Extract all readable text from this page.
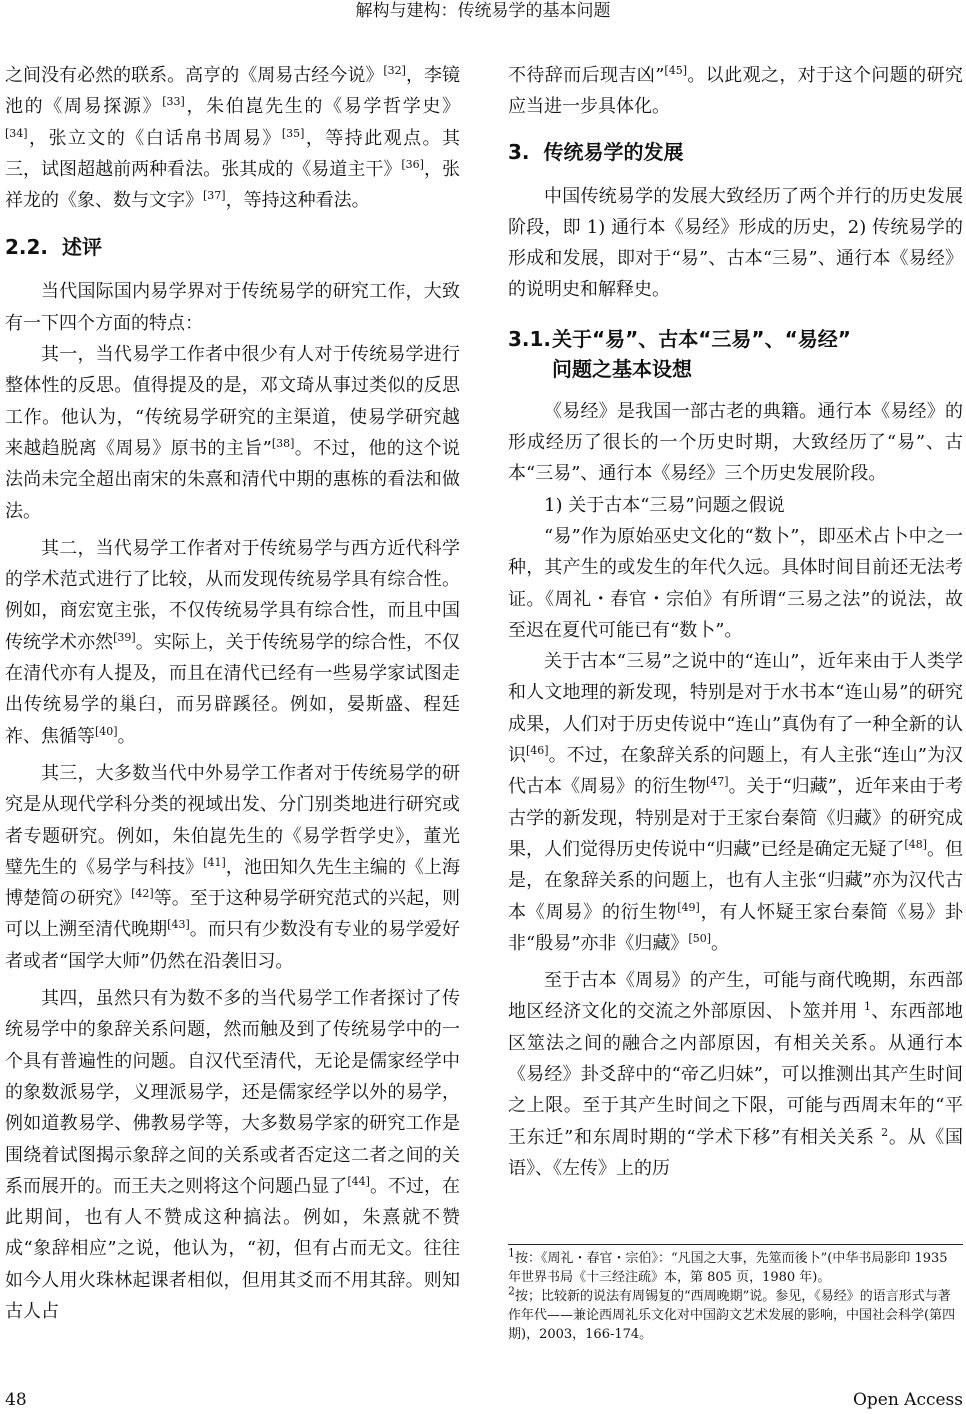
解构与建构：传统易学的基本问题

之间没有必然的联系。高亨的《周易古经今说》[32]，李镜池的《周易探源》[33]，朱伯崑先生的《易学哲学史》[34]，张立文的《白话帛书周易》[35]，等持此观点。其三，试图超越前两种看法。张其成的《易道主干》[36]，张祥龙的《象、数与文字》[37]，等持这种看法。

2.2. 述评

当代国际国内易学界对于传统易学的研究工作，大致有一下四个方面的特点：

其一，当代易学工作者中很少有人对于传统易学进行整体性的反思。值得提及的是，邓文琦从事过类似的反思工作。他认为，“传统易学研究的主渠道，使易学研究越来越趋脱离《周易》原书的主旨”[38]。不过，他的这个说法尚未完全超出南宋的朱熹和清代中期的惠栋的看法和做法。

其二，当代易学工作者对于传统易学与西方近代科学的学术范式进行了比较，从而发现传统易学具有综合性。例如，商宏宽主张，不仅传统易学具有综合性，而且中国传统学术亦然[39]。实际上，关于传统易学的综合性，不仅在清代亦有人提及，而且在清代已经有一些易学家试图走出传统易学的巢臼，而另辟蹊径。例如，晏斯盛、程廷祚、焦循等[40]。

其三，大多数当代中外易学工作者对于传统易学的研究是从现代学科分类的视域出发、分门别类地进行研究或者专题研究。例如，朱伯崑先生的《易学哲学史》，董光璧先生的《易学与科技》[41]，池田知久先生主编的《上海博楚简の研究》[42]等。至于这种易学研究范式的兴起，则可以上溯至清代晚期[43]。而只有少数没有专业的易学爱好者或者“国学大师”仍然在沿袭旧习。

其四，虽然只有为数不多的当代易学工作者探讨了传统易学中的象辞关系问题，然而触及到了传统易学中的一个具有普遍性的问题。自汉代至清代，无论是儒家经学中的象数派易学，义理派易学，还是儒家经学以外的易学，例如道教易学、佛教易学等，大多数易学家的研究工作是围绕着试图揭示象辞之间的关系或者否定这二者之间的关系而展开的。而王夫之则将这个问题凸显了[44]。不过，在此期间，也有人不赞成这种搞法。例如，朱熹就不赞成“象辞相应”之说，他认为，“初，但有占而无文。往往如今人用火珠林起课者相似，但用其爻而不用其辞。则知古人占

不待辞而后现吉凶”[45]。以此观之，对于这个问题的研究应当进一步具体化。

3. 传统易学的发展

中国传统易学的发展大致经历了两个并行的历史发展阶段，即 1) 通行本《易经》形成的历史，2) 传统易学的形成和发展，即对于“易”、古本“三易”、通行本《易经》的说明史和解释史。

3.1. 关于“易”、古本“三易”、“易经”
问题之基本设想

《易经》是我国一部古老的典籍。通行本《易经》的形成经历了很长的一个历史时期，大致经历了“易”、古本“三易”、通行本《易经》三个历史发展阶段。

1) 关于古本“三易”问题之假说

“易”作为原始巫史文化的“数卜”，即巫术占卜中之一种，其产生的或发生的年代久远。具体时间目前还无法考证。《周礼・春官・宗伯》有所谓“三易之法”的说法，故至迟在夏代可能已有“数卜”。

关于古本“三易”之说中的“连山”，近年来由于人类学和人文地理的新发现，特别是对于水书本“连山易”的研究成果，人们对于历史传说中“连山”真伪有了一种全新的认识[46]。不过，在象辞关系的问题上，有人主张“连山”为汉代古本《周易》的衍生物[47]。关于“归藏”，近年来由于考古学的新发现，特别是对于王家台秦简《归藏》的研究成果，人们觉得历史传说中“归藏”已经是确定无疑了[48]。但是，在象辞关系的问题上，也有人主张“归藏”亦为汉代古本《周易》的衍生物[49]，有人怀疑王家台秦简《易》卦非“殷易”亦非《归藏》[50]。

至于古本《周易》的产生，可能与商代晚期，东西部地区经济文化的交流之外部原因、卜筮并用 $^1$、东西部地区筮法之间的融合之内部原因，有相关关系。从通行本《易经》卦爻辞中的“帝乙归妹”，可以推测出其产生时间之上限。至于其产生时间之下限，可能与西周末年的“平王东迁”和东周时期的“学术下移”有相关关系 $^2$。从《国语》、《左传》上的历

$^1$按：《周礼・春官・宗伯》：“凡国之大事，先筮而後卜”(中华书局影印 1935 年世界书局《十三经注疏》本，第 805 页，1980 年)。

$^2$按；比较新的说法有周锡复的“西周晚期”说。参见，《易经》的语言形式与著作年代——兼论西周礼乐文化对中国韵文艺术发展的影响，中国社会科学(第四期)，2003，166-174。

48	Open Access
